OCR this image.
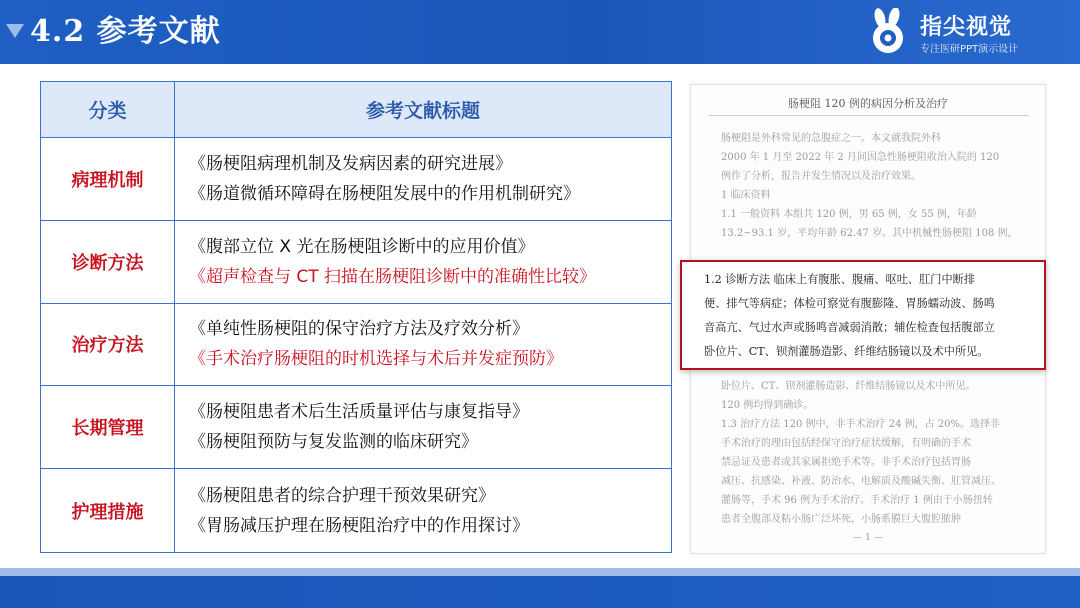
4.2 参考文献	指尖视觉
专注医研PPT演示设计
分类	参考文献标题
病理机制
《肠梗阻病理机制及发病因素的研究进展》
《肠道微循环障碍在肠梗阻发展中的作用机制研究》
诊断方法
《腹部立位 X 光在肠梗阻诊断中的应用价值》
《超声检查与 CT 扫描在肠梗阻诊断中的准确性比较》
治疗方法
《单纯性肠梗阻的保守治疗方法及疗效分析》
《手术治疗肠梗阻的时机选择与术后并发症预防》
长期管理
《肠梗阻患者术后生活质量评估与康复指导》
《肠梗阻预防与复发监测的临床研究》
护理措施
《肠梗阻患者的综合护理干预效果研究》
《胃肠减压护理在肠梗阻治疗中的作用探讨》
肠梗阻 120 例的病因分析及治疗
肠梗阻是外科常见的急腹症之一。本文就我院外科
2000 年 1 月至 2022 年 2 月间因急性肠梗阻收治入院的 120
例作了分析，报告并发生情况以及治疗效果。
1 临床资料
1.1 一般资料 本组共 120 例，男 65 例，女 55 例，年龄
13.2~93.1 岁，平均年龄 62.47 岁。其中机械性肠梗阻 108 例，
卧位片、CT、钡剂灌肠造影、纤维结肠镜以及术中所见。
120 例均得到确诊。
1.3 治疗方法 120 例中，非手术治疗 24 例，占 20%。选择非
手术治疗的理由包括经保守治疗症状缓解，有明确的手术
禁忌证及患者或其家属拒绝手术等。非手术治疗包括胃肠
减压、抗感染、补液、防治水、电解质及酸碱失衡、肛管减压、
灌肠等，手术 96 例为手术治疗。手术治疗 1 例由于小肠扭转
患者全腹部及粘小肠广泛坏死，小肠系膜巨大腹腔脓肿
— 1 —
1.2 诊断方法 临床上有腹胀、腹痛、呕吐、肛门中断排
便、排气等病症；体检可察觉有腹膨隆、胃肠蠕动波、肠鸣
音高亢、气过水声或肠鸣音减弱消散；辅佐检查包括腹部立
卧位片、CT、钡剂灌肠造影、纤维结肠镜以及术中所见。
